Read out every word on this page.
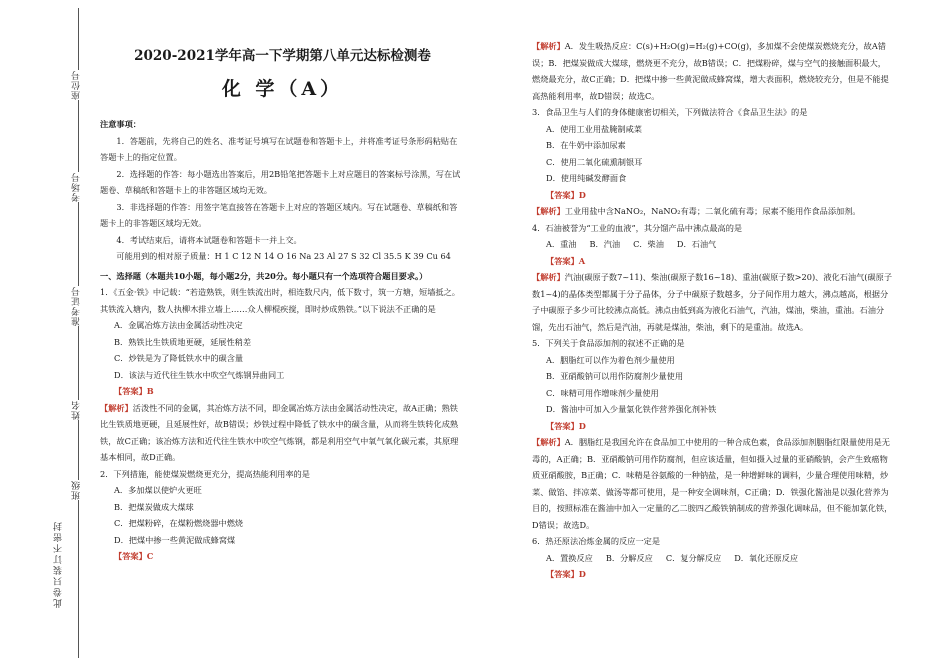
座位号
考场号
准考证号
姓名
班级
此卷只装订不密封
2020-2021学年高一下学期第八单元达标检测卷
化 学（A）
注意事项：
1．答题前，先将自己的姓名、准考证号填写在试题卷和答题卡上，并将准考证号条形码粘贴在答题卡上的指定位置。
2．选择题的作答：每小题选出答案后，用2B铅笔把答题卡上对应题目的答案标号涂黑，写在试题卷、草稿纸和答题卡上的非答题区域均无效。
3．非选择题的作答：用签字笔直接答在答题卡上对应的答题区域内。写在试题卷、草稿纸和答题卡上的非答题区域均无效。
4．考试结束后，请将本试题卷和答题卡一并上交。
可能用到的相对原子质量：H 1 C 12 N 14 O 16 Na 23 Al 27 S 32 Cl 35.5 K 39 Cu 64
一、选择题（本题共10小题，每小题2分，共20分。每小题只有一个选项符合题目要求。）
1．《五金·铁》中记载：“若造熟铁，则生铁流出时，相连数尺内，低下数寸，筑一方塘，短墙抵之。其铁流入塘内，数人执柳木排立墙上……众人柳棍疾搅，即时炒成熟铁。”以下说法不正确的是
A．金属冶炼方法由金属活动性决定
B．熟铁比生铁质地更硬，延展性稍差
C．炒铁是为了降低铁水中的碳含量
D．该法与近代往生铁水中吹空气炼钢异曲同工
【答案】B
【解析】活泼性不同的金属，其冶炼方法不同，即金属冶炼方法由金属活动性决定，故A正确；熟铁比生铁质地更硬，且延展性好，故B错误；炒铁过程中降低了铁水中的碳含量，从而将生铁转化成熟铁，故C正确；该冶炼方法和近代往生铁水中吹空气炼钢，都是利用空气中氧气氧化碳元素，其原理基本相同，故D正确。
2．下列措施，能使煤炭燃烧更充分，提高热能利用率的是
A．多加煤以使炉火更旺
B．把煤炭做成大煤球
C．把煤粉碎，在煤粉燃烧器中燃烧
D．把煤中掺一些黄泥做成蜂窝煤
【答案】C
【解析】A．发生吸热反应：C(s)+H₂O(g)=H₂(g)+CO(g)，多加煤不会使煤炭燃烧充分，故A错误；B．把煤炭做成大煤球，燃烧更不充分，故B错误；C．把煤粉碎，煤与空气的接触面积最大，燃烧最充分，故C正确；D．把煤中掺一些黄泥做成蜂窝煤，增大表面积，燃烧较充分，但是不能提高热能利用率，故D错误；故选C。
3．食品卫生与人们的身体健康密切相关，下列做法符合《食品卫生法》的是
A．使用工业用盐腌制咸菜
B．在牛奶中添加尿素
C．使用二氧化硫熏制银耳
D．使用纯碱发酵面食
【答案】D
【解析】工业用盐中含NaNO₂，NaNO₂有毒；二氧化硫有毒；尿素不能用作食品添加剂。
4．石油被誉为“工业的血液”，其分馏产品中沸点最高的是
A．重油     B．汽油     C．柴油     D．石油气
【答案】A
【解析】汽油(碳原子数7~11)、柴油(碳原子数16~18)、重油(碳原子数>20)、液化石油气(碳原子数1~4)的晶体类型都属于分子晶体，分子中碳原子数越多，分子间作用力越大，沸点越高，根据分子中碳原子多少可比较沸点高低。沸点由低到高为液化石油气，汽油，煤油，柴油，重油。石油分馏，先出石油气，然后是汽油，再就是煤油，柴油，剩下的是重油。故选A。
5．下列关于食品添加剂的叙述不正确的是
A．胭脂红可以作为着色剂少量使用
B．亚硝酸钠可以用作防腐剂少量使用
C．味精可用作增味剂少量使用
D．酱油中可加入少量氯化铁作营养强化剂补铁
【答案】D
【解析】A．胭脂红是我国允许在食品加工中使用的一种合成色素，食品添加剂胭脂红限量使用是无毒的，A正确；B．亚硝酸钠可用作防腐剂，但应该适量，但如摄入过量的亚硝酸钠，会产生致癌物质亚硝酸胺，B正确；C．味精是谷氨酸的一种钠盐，是一种增鲜味的调料，少量合理使用味精，炒菜、做馅、拌凉菜、做汤等都可使用，是一种安全调味剂，C正确；D．铁强化酱油是以强化营养为目的，按照标准在酱油中加入一定量的乙二胺四乙酸铁钠制成的营养强化调味品，但不能加氯化铁，D错误；故选D。
6．热还原法冶炼金属的反应一定是
A．置换反应     B．分解反应     C．复分解反应     D．氧化还原反应
【答案】D
